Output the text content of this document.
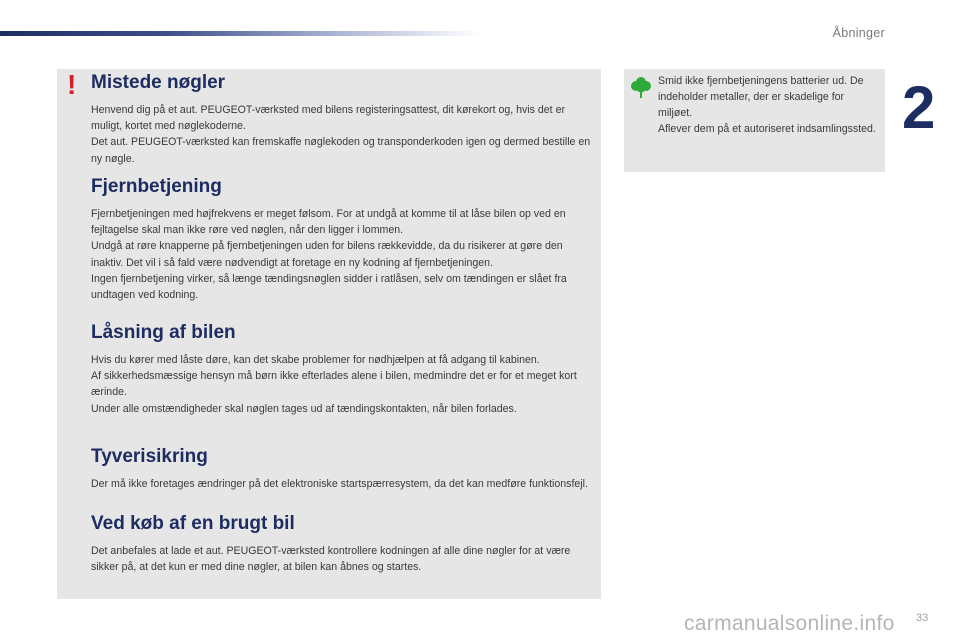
Åbninger
2
! Mistede nøgler

Henvend dig på et aut. PEUGEOT-værksted med bilens registeringsattest, dit kørekort og, hvis det er muligt, kortet med nøglekoderne.

Det aut. PEUGEOT-værksted kan fremskaffe nøglekoden og transponderkoden igen og dermed bestille en ny nøgle.

Fjernbetjening

Fjernbetjeningen med højfrekvens er meget følsom. For at undgå at komme til at låse bilen op ved en fejltagelse skal man ikke røre ved nøglen, når den ligger i lommen.

Undgå at røre knapperne på fjernbetjeningen uden for bilens rækkevidde, da du risikerer at gøre den inaktiv. Det vil i så fald være nødvendigt at foretage en ny kodning af fjernbetjeningen.

Ingen fjernbetjening virker, så længe tændingsnøglen sidder i ratlåsen, selv om tændingen er slået fra undtagen ved kodning.

Låsning af bilen

Hvis du kører med låste døre, kan det skabe problemer for nødhjælpen at få adgang til kabinen.

Af sikkerhedsmæssige hensyn må børn ikke efterlades alene i bilen, medmindre det er for et meget kort ærinde.

Under alle omstændigheder skal nøglen tages ud af tændingskontakten, når bilen forlades.

Tyverisikring

Der må ikke foretages ændringer på det elektroniske startspærresystem, da det kan medføre funktionsfejl.

Ved køb af en brugt bil

Det anbefales at lade et aut. PEUGEOT-værksted kontrollere kodningen af alle dine nøgler for at være sikker på, at det kun er med dine nøgler, at bilen kan åbnes og startes.

Smid ikke fjernbetjeningens batterier ud. De indeholder metaller, der er skadelige for miljøet.

Aflever dem på et autoriseret indsamlingssted.

carmanualsonline.info 33
